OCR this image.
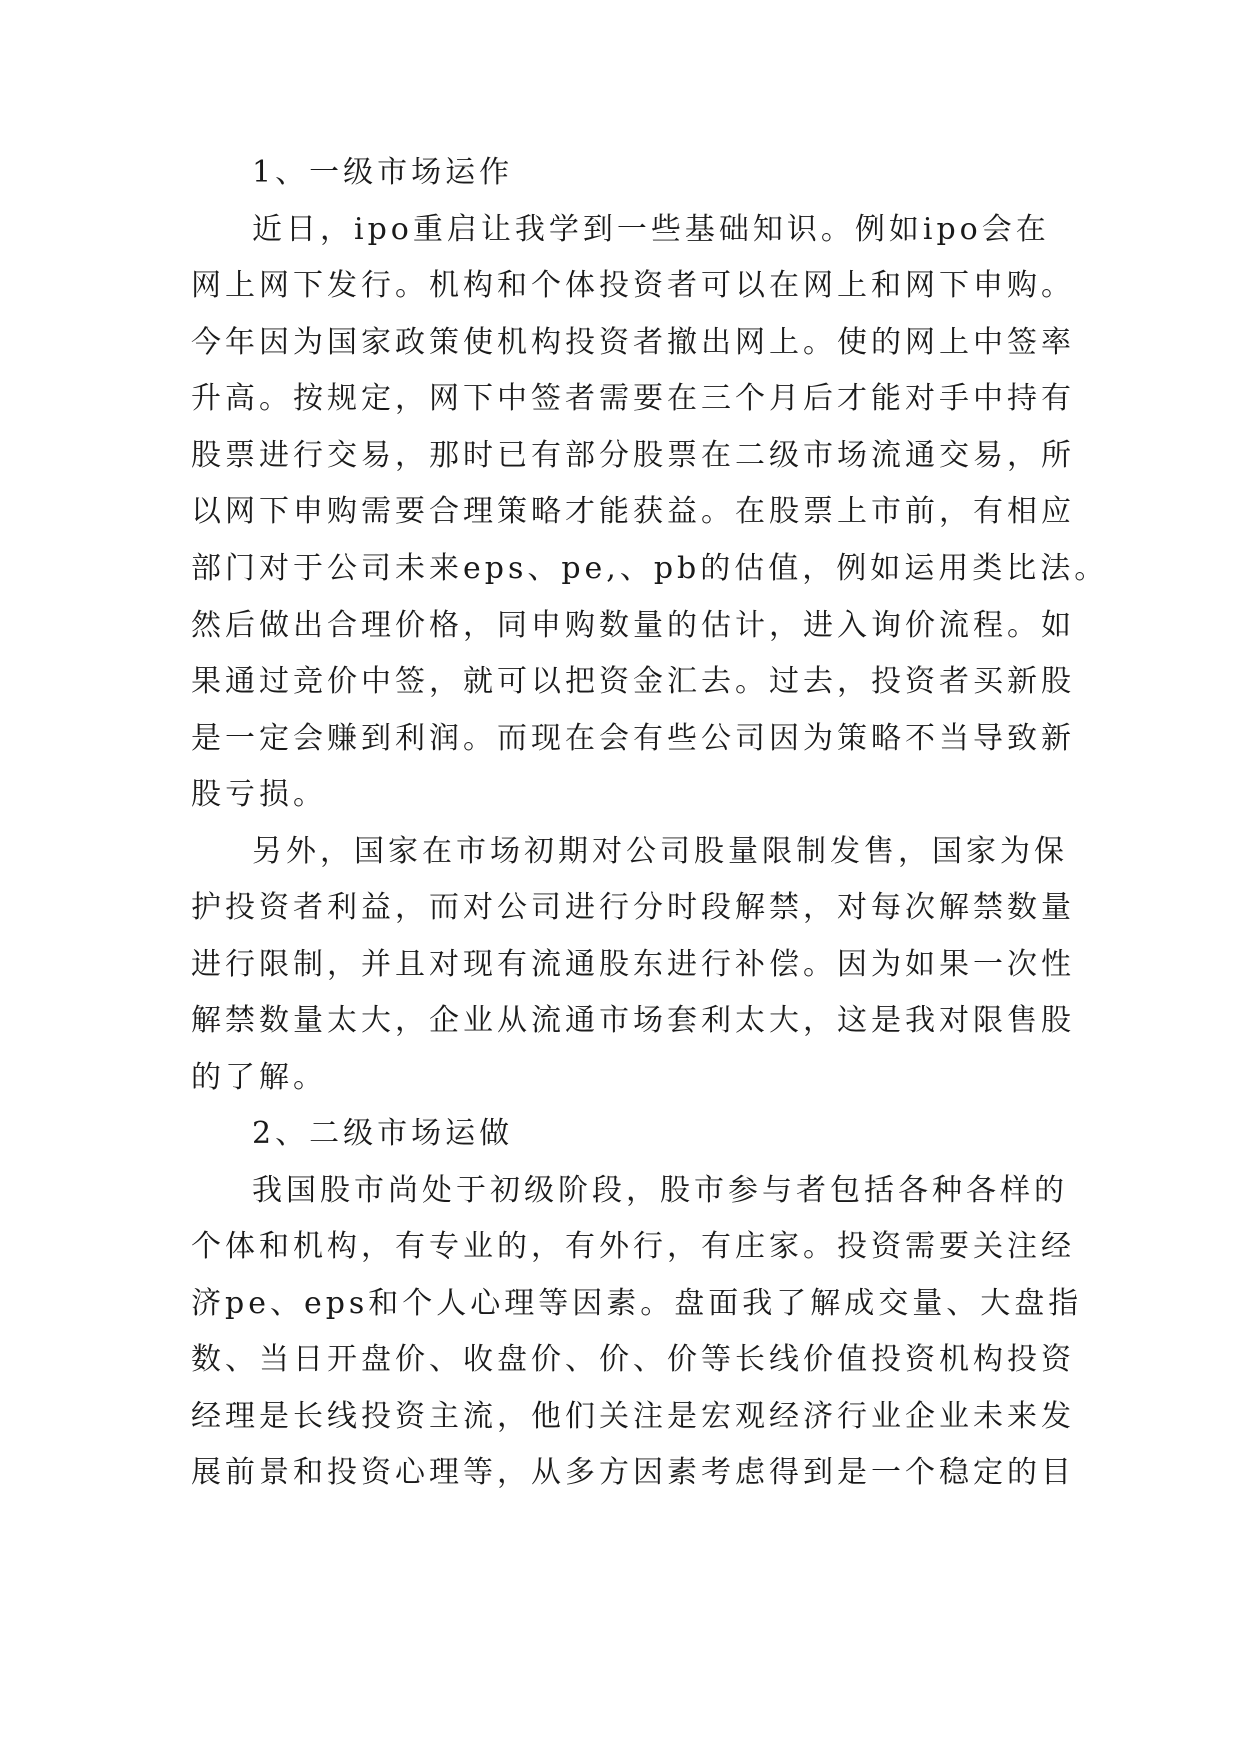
1、一级市场运作
近日，ipo重启让我学到一些基础知识。例如ipo会在
网上网下发行。机构和个体投资者可以在网上和网下申购。
今年因为国家政策使机构投资者撤出网上。使的网上中签率
升高。按规定，网下中签者需要在三个月后才能对手中持有
股票进行交易，那时已有部分股票在二级市场流通交易，所
以网下申购需要合理策略才能获益。在股票上市前，有相应
部门对于公司未来eps、pe,、pb的估值，例如运用类比法。
然后做出合理价格，同申购数量的估计，进入询价流程。如
果通过竞价中签，就可以把资金汇去。过去，投资者买新股
是一定会赚到利润。而现在会有些公司因为策略不当导致新
股亏损。
另外，国家在市场初期对公司股量限制发售，国家为保
护投资者利益，而对公司进行分时段解禁，对每次解禁数量
进行限制，并且对现有流通股东进行补偿。因为如果一次性
解禁数量太大，企业从流通市场套利太大，这是我对限售股
的了解。
2、二级市场运做
我国股市尚处于初级阶段，股市参与者包括各种各样的
个体和机构，有专业的，有外行，有庄家。投资需要关注经
济pe、eps和个人心理等因素。盘面我了解成交量、大盘指
数、当日开盘价、收盘价、价、价等长线价值投资机构投资
经理是长线投资主流，他们关注是宏观经济行业企业未来发
展前景和投资心理等，从多方因素考虑得到是一个稳定的目
